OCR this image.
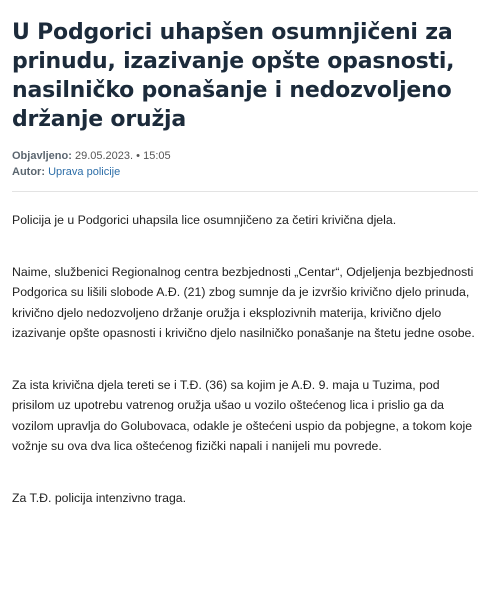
U Podgorici uhapšen osumnjičeni za prinudu, izazivanje opšte opasnosti, nasilničko ponašanje i nedozvoljeno držanje oružja
Objavljeno: 29.05.2023. • 15:05
Autor: Uprava policije

Policija je u Podgorici uhapsila lice osumnjičeno za četiri krivična djela.

Naime, službenici Regionalnog centra bezbjednosti „Centar“, Odjeljenja bezbjednosti Podgorica su lišili slobode A.Đ. (21) zbog sumnje da je izvršio krivično djelo prinuda, krivično djelo nedozvoljeno držanje oružja i eksplozivnih materija, krivično djelo izazivanje opšte opasnosti i krivično djelo nasilničko ponašanje na štetu jedne osobe.

Za ista krivična djela tereti se i T.Đ. (36) sa kojim je A.Đ. 9. maja u Tuzima, pod prisilom uz upotrebu vatrenog oružja ušao u vozilo oštećenog lica i prislio ga da vozilom upravlja do Golubovaca, odakle je oštećeni uspio da pobjegne, a tokom koje vožnje su ova dva lica oštećenog fizički napali i nanijeli mu povrede.

Za T.Đ. policija intenzivno traga.
